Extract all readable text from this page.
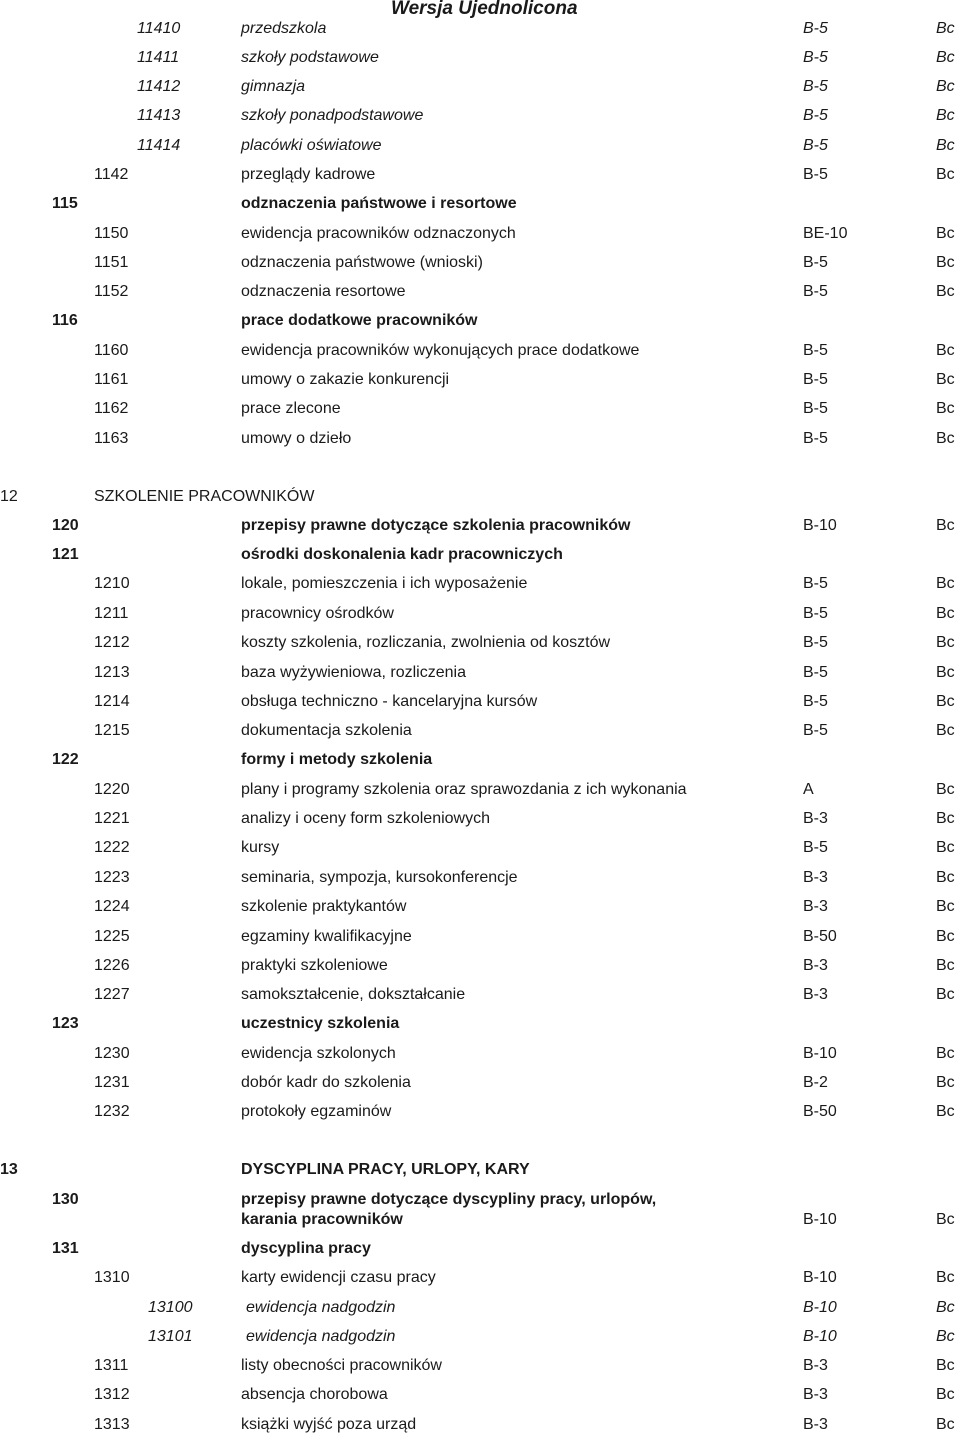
Wersja Ujednolicona
11410	przedszkola	B-5	Bc
11411	szkoły podstawowe	B-5	Bc
11412	gimnazja	B-5	Bc
11413	szkoły ponadpodstawowe	B-5	Bc
11414	placówki oświatowe	B-5	Bc
1142	przeglądy kadrowe	B-5	Bc
115	odznaczenia państwowe i resortowe
1150	ewidencja pracowników odznaczonych	BE-10	Bc
1151	odznaczenia państwowe (wnioski)	B-5	Bc
1152	odznaczenia resortowe	B-5	Bc
116	prace dodatkowe pracowników
1160	ewidencja pracowników wykonujących prace dodatkowe	B-5	Bc
1161	umowy o zakazie konkurencji	B-5	Bc
1162	prace zlecone	B-5	Bc
1163	umowy o dzieło	B-5	Bc
12	SZKOLENIE PRACOWNIKÓW
120	przepisy prawne dotyczące szkolenia pracowników	B-10	Bc
121	ośrodki doskonalenia kadr pracowniczych
1210	lokale, pomieszczenia i ich wyposażenie	B-5	Bc
1211	pracownicy ośrodków	B-5	Bc
1212	koszty szkolenia, rozliczania, zwolnienia od kosztów	B-5	Bc
1213	baza wyżywieniowa, rozliczenia	B-5	Bc
1214	obsługa techniczno - kancelaryjna kursów	B-5	Bc
1215	dokumentacja szkolenia	B-5	Bc
122	formy i metody szkolenia
1220	plany i programy szkolenia oraz sprawozdania z ich wykonania	A	Bc
1221	analizy i oceny form szkoleniowych	B-3	Bc
1222	kursy	B-5	Bc
1223	seminaria, sympozja, kursokonferencje	B-3	Bc
1224	szkolenie praktykantów	B-3	Bc
1225	egzaminy kwalifikacyjne	B-50	Bc
1226	praktyki szkoleniowe	B-3	Bc
1227	samokształcenie, dokształcanie	B-3	Bc
123	uczestnicy szkolenia
1230	ewidencja szkolonych	B-10	Bc
1231	dobór kadr do szkolenia	B-2	Bc
1232	protokoły egzaminów	B-50	Bc
13	DYSCYPLINA PRACY, URLOPY, KARY
130	przepisy prawne dotyczące dyscypliny pracy, urlopów,
karania pracowników	B-10	Bc
131	dyscyplina pracy
1310	karty ewidencji czasu pracy	B-10	Bc
13100	ewidencja nadgodzin	B-10	Bc
13101	ewidencja nadgodzin	B-10	Bc
1311	listy obecności pracowników	B-3	Bc
1312	absencja chorobowa	B-3	Bc
1313	książki wyjść poza urząd	B-3	Bc
